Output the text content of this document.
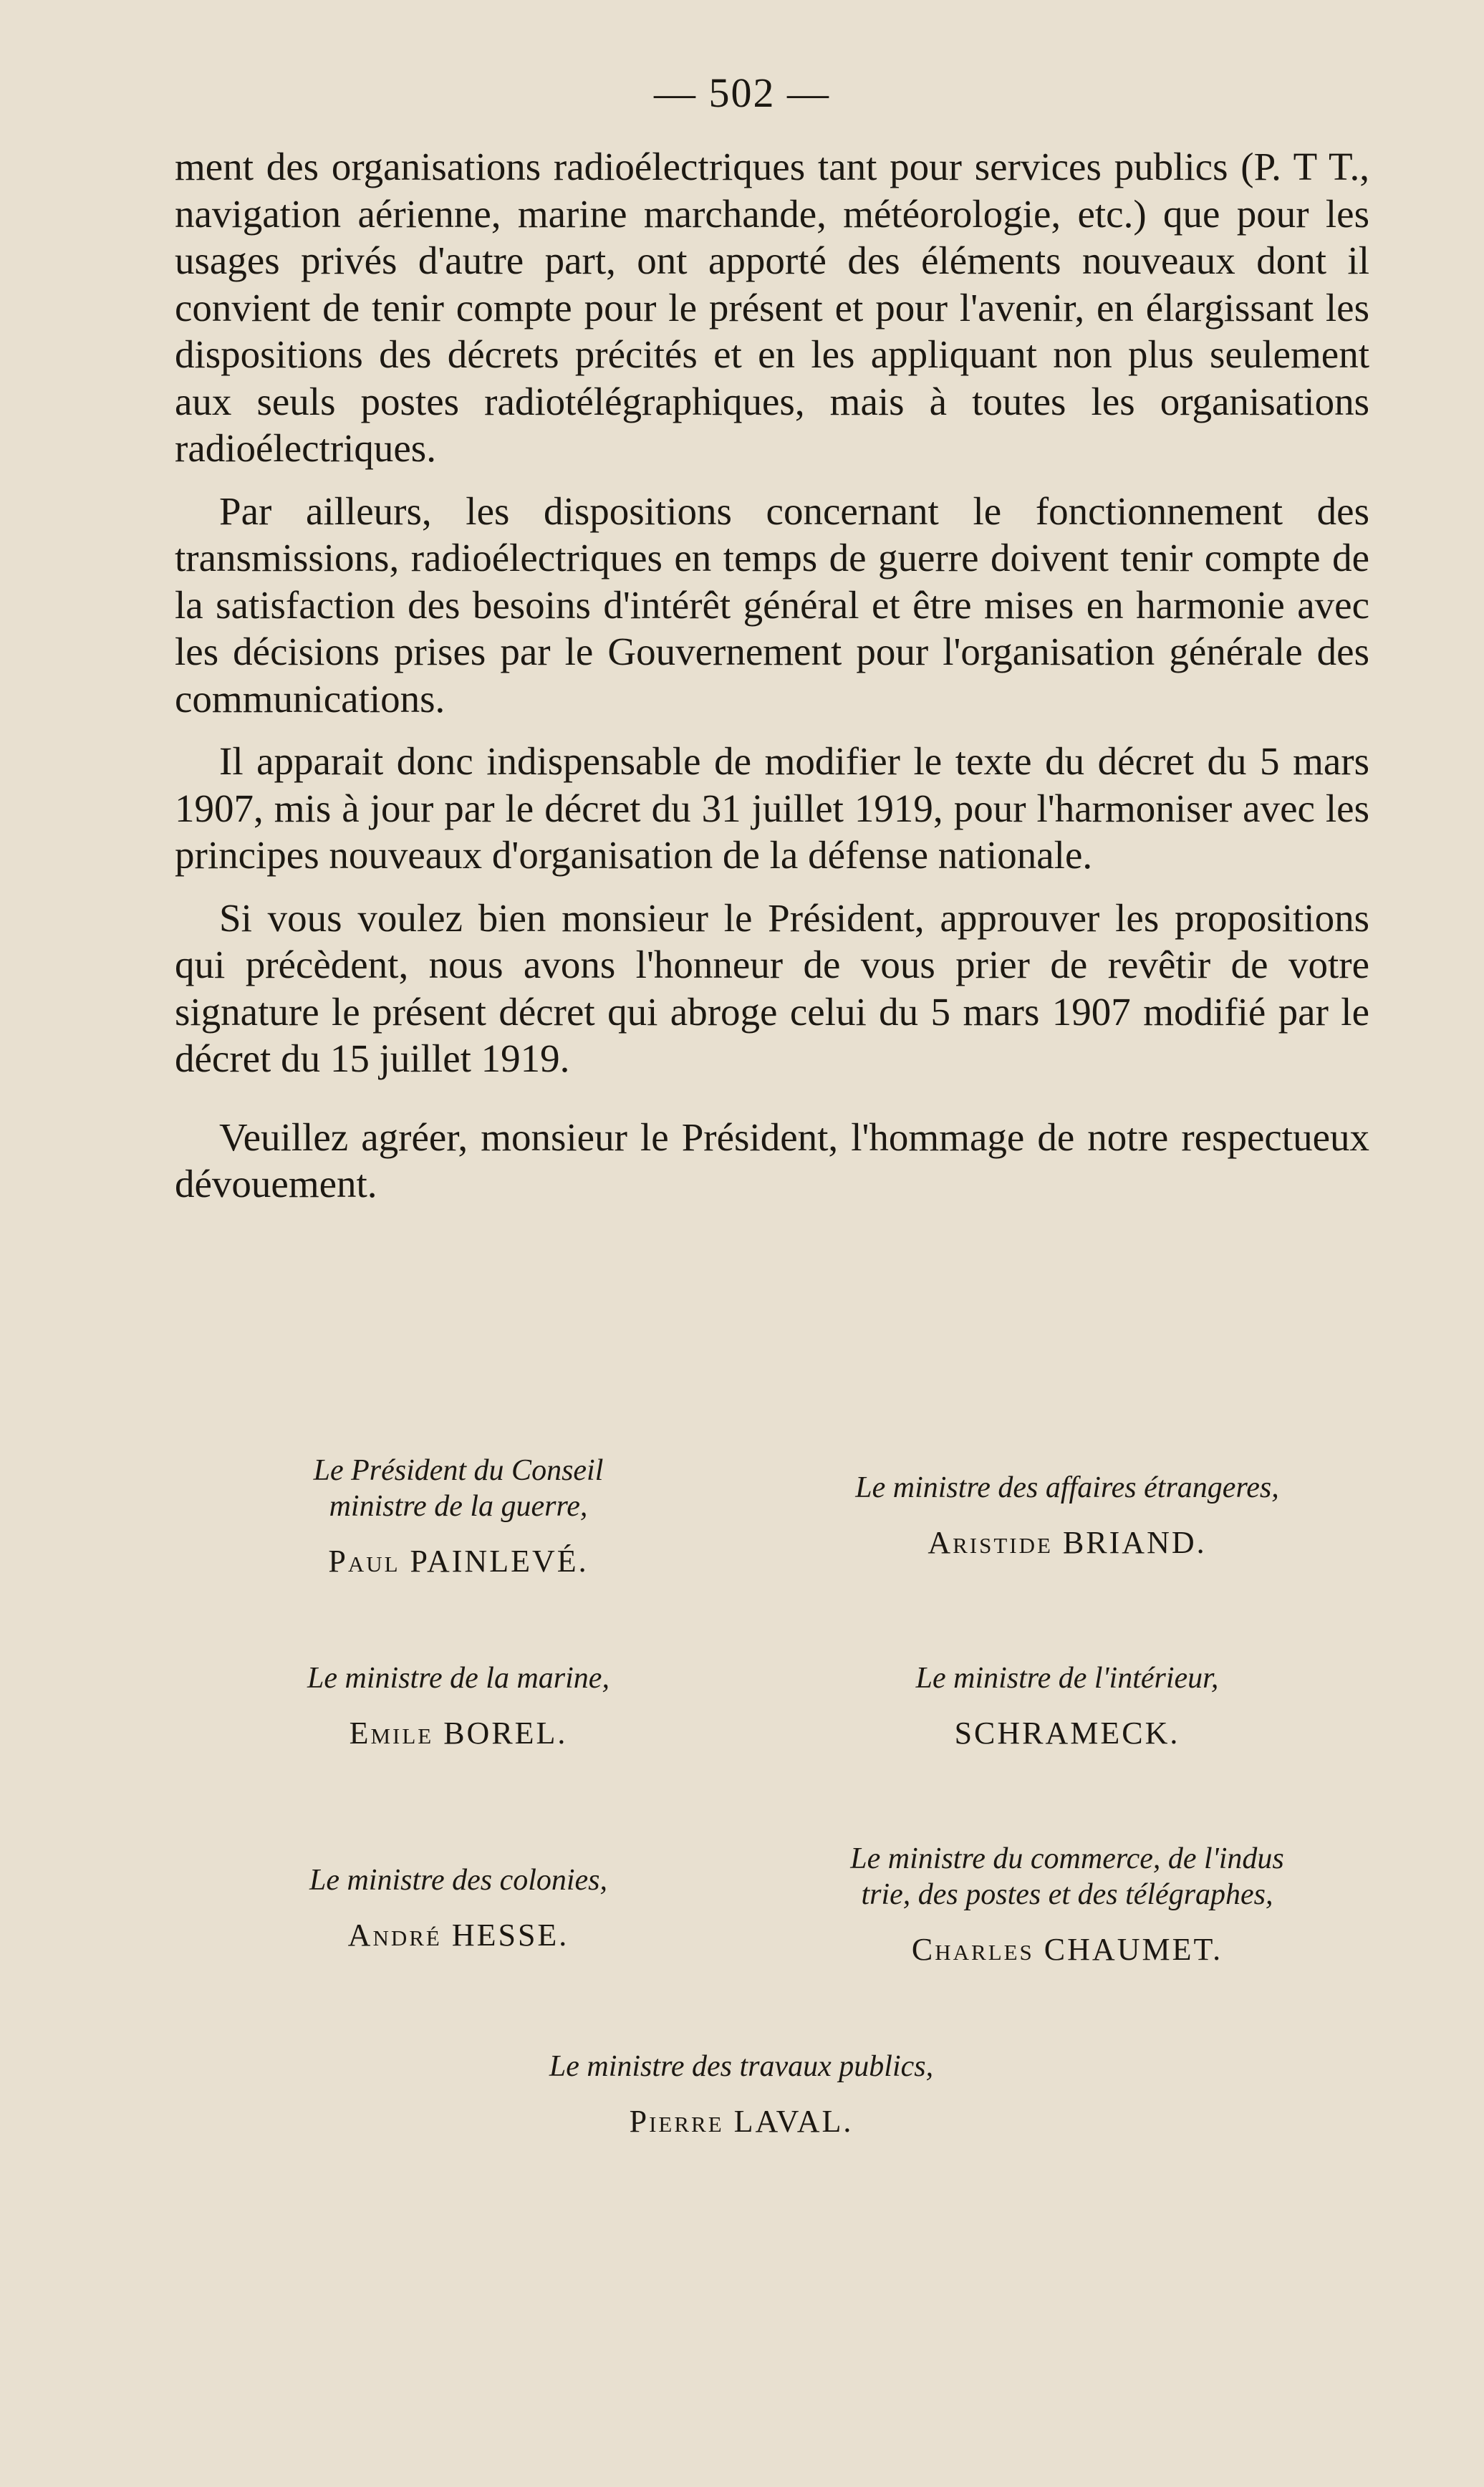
— 502 —

ment des organisations radioélectriques tant pour services publics (P. T T., navigation aérienne, marine marchande, météorologie, etc.) que pour les usages privés d'autre part, ont apporté des éléments nouveaux dont il convient de tenir compte pour le présent et pour l'avenir, en élargissant les dispositions des décrets précités et en les appliquant non plus seulement aux seuls postes radiotélégraphiques, mais à toutes les organisations radioélectriques.

Par ailleurs, les dispositions concernant le fonctionnement des transmissions, radioélectriques en temps de guerre doivent tenir compte de la satisfaction des besoins d'intérêt général et être mises en harmonie avec les décisions prises par le Gouvernement pour l'organisation générale des communications.

Il apparait donc indispensable de modifier le texte du décret du 5 mars 1907, mis à jour par le décret du 31 juillet 1919, pour l'harmoniser avec les principes nouveaux d'organisation de la défense nationale.

Si vous voulez bien monsieur le Président, approuver les propositions qui précèdent, nous avons l'honneur de vous prier de revêtir de votre signature le présent décret qui abroge celui du 5 mars 1907 modifié par le décret du 15 juillet 1919.

Veuillez agréer, monsieur le Président, l'hommage de notre respectueux dévouement.

Le Président du Conseil
ministre de la guerre,
Paul PAINLEVÉ.
Le ministre des affaires étrangeres,
Aristide BRIAND.
Le ministre de la marine,
Emile BOREL.
Le ministre de l'intérieur,
SCHRAMECK.
Le ministre des colonies,
André HESSE.
Le ministre du commerce, de l'indus
trie, des postes et des télégraphes,
Charles CHAUMET.
Le ministre des travaux publics,
Pierre LAVAL.
